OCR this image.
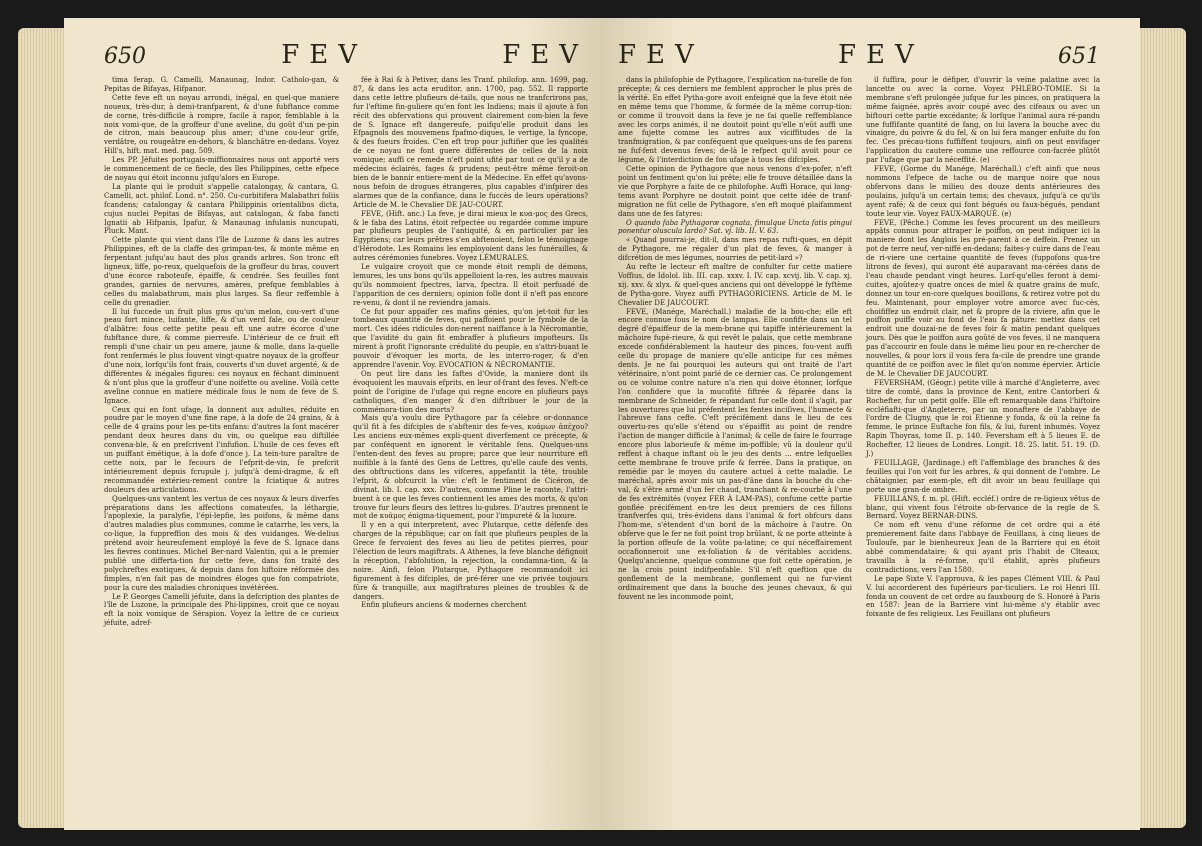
650	FEV	FEV

tima ferap. G. Camelli, Manaunag, Indor. Catholo-gan, & Pepitas de Bifayas, Hifpanor.

Cette feve eft un noyau arrondi, inégal, en quel-que maniere noueux, très-dur, à demi-tranfparent, & d'une fubftance comme de corne, très-difficile à rompre, facile à rapor, femblable à la noix vomi-que, de la groffeur d'une aveline, du goût d'un pe-pin de citron, mais beaucoup plus amer; d'une cou-leur grife, verdâtre, ou rougeâtre en-dehors, & blanchâtre en-dedans. Voyez Hill's, hift. mat. med. pag. 509.

Les PP. Jéfuites portugais-miffionnaires nous ont apporté vers le commencement de ce fiecle, des îles Philippines, cette efpece de noyau qui étoit inconnu jufqu'alors en Europe.

La plante qui le produit s'appelle catalongay, & cantara, G. Camelli, act. philof. Lond. n°. 250. Cu-curbitifera Malabathri foliis fcandens; catalongay & cantara Philippinis orientalibus dicta, cujus nuclei Pepitas de Bifayas, aut catalogan, & faba fancti Ignatii ab Hifpanis, Ipafur, & Manaunag infulanis nuncupati, Pluck. Mant.

Cette plante qui vient dans l'île de Luzone & dans les autres Philippines, eft de la claffe des grimpan-tes, & monte même en ferpentant jufqu'au haut des plus grands arbres. Son tronc eft ligneux, liffe, po-reux, quelquefois de la groffeur du bras, couvert d'une écorce raboteufe, épaiffe, & cendrée. Ses feuilles font grandes, garnies de nervures, amères, prefque femblables à celles du malabathrum, mais plus larges. Sa fleur reffemble à celle du grenadier.

Il lui fuccede un fruit plus gros qu'un melon, cou-vert d'une peau fort mince, luifante, liffe, & d'un verd fale, ou de couleur d'albâtre: fous cette petite peau eft une autre écorce d'une fubftance dure, & comme pierreufe. L'intérieur de ce fruit eft rempli d'une chair un peu amere, jaune & molle, dans la-quelle font renfermés le plus fouvent vingt-quatre noyaux de la groffeur d'une noix, lorfqu'ils font frais, couverts d'un duvet argenté, & de différentes & inégales figures: ces noyaux en féchant diminuent & n'ont plus que la groffeur d'une noifette ou aveline. Voilà cette aveline connue en matiere médicale fous le nom de feve de S. Ignace.

Ceux qui en font ufage, la donnent aux adultes, réduite en poudre par le moyen d'une fine rape, à la dofe de 24 grains, & à celle de 4 grains pour les pe-tits enfans: d'autres la font macérer pendant deux heures dans du vin, ou quelque eau diftillée convena-ble, & en prefcrivent l'infufion. L'huile de ces feves eft un puiffant émétique, à la dofe d'once j. La tein-ture paraître de cette noix, par le fecours de l'efprit-de-vin, fe prefcrit intérieurement depuis fcrupule j. jufqu'à demi-dragme, & eft recommandée extérieu-rement contre la fciatique & autres douleurs des articulations.

Quelques-uns vantent les vertus de ces noyaux & leurs diverfes préparations dans les affections comateufes, la léthargie, l'apoplexie, la paralyfie, l'épi-lepfie, les poifons, & même dans d'autres maladies plus communes, comme le catarrhe, les vers, la co-lique, la fuppreffion des mois & des vuidanges. We-delius prétend avoir heureufement employé la feve de S. Ignace dans les fievres continues. Michel Ber-nard Valentin, qui a le premier publié une differta-tion fur cette feve, dans fon traité des polychreftes exotiques, & depuis dans fon hiftoire réformée des fimples, n'en fait pas de moindres éloges que fon compatriote, pour la cure des maladies chroniques invétérées.

Le P. Georges Camelli jéfuite, dans la defcription des plantes de l'île de Luzone, la principale des Phi-lippines, croit que ce noyau eft la noix vomique de Sérapion. Voyez la lettre de ce curieux jéfuite, adref-

fée à Rai & à Petiver, dans les Tranf. philofop. ann. 1699, pag. 87, & dans les acta eruditor, ann. 1700, pag. 552. Il rapporte dans cette lettre plufieurs dé-tails, que nous ne tranfcrirons pas, fur l'eftime fin-guliere qu'en font les Indiens; mais il ajoute à fon récit des obfervations qui prouvent clairement com-bien la feve de S. Ignace eft dangereufe, puifqu'elle produit dans les Efpagnols des mouvemens fpafmo-diques, le vertige, la fyncope, & des fueurs froides. C'en eft trop pour juftifier que les qualités de ce noyau ne font guere différentes de celles de la noix vomique; auffi ce remede n'eft point ufité par tout ce qu'il y a de médecins éclairés, fages & prudens; peut-être même feroit-on bien de le bannir entiere-ment de la Médecine. En effet qu'avons-nous befoin de drogues étrangeres, plus capables d'infpirer des alarmes que de la confiance, dans le fuccès de leurs opérations? Article de M. le Chevalier DE JAU-COURT.

FEVE, (Hift. anc.) La feve, je dirai mieux le κυα-μος des Grecs, & le faba des Latins, étoit refpectée ou regardée comme impure par plufieurs peuples de l'antiquité, & en particulier par les Egyptiens; car leurs prêtres s'en abftenoient, felon le témoignage d'Hérodote. Les Romains les employoient dans les funérailles, & autres cérémonies funebres. Voyez LÉMURALES.

Le vulgaire croyoit que ce monde étoit rempli de démons, lemures, les uns bons qu'ils appelloient la-res, les autres mauvais qu'ils nommoient fpectres, larva, fpectra. Il étoit perfuadé de l'apparition de ces derniers; opinion folle dont il n'eft pas encore re-venu, & dont il ne reviendra jamais.

Ce fut pour appaifer ces mafins génies, qu'on jet-toit fur les tombeaux quantité de feves, qui paffoient pour le fymbole de la mort. Ces idées ridicules don-nerent naiffance à la Nécromantie, que l'avidité du gain fit embraffer à plufieurs impofteurs. Ils mirent à profit l'ignorante crédulité du peuple, en s'attri-buant le pouvoir d'évoquer les morts, de les interro-roger, & d'en apprendre l'avenir. Voy. EVOCATION & NÉCROMANTIE.

On peut lire dans les faftes d'Ovide, la maniere dont ils évoquoient les mauvais efprits, en leur of-frant des feves. N'eft-ce point de l'origine de l'ufage qui regne encore en plufieurs pays catholiques, d'en manger & d'en diftribuer le jour de la commémora-tion des morts?

Mais qu'a voulu dire Pythagore par fa célebre or-donnance qu'il fit à fes difciples de s'abftenir des fe-ves, κυάμων ἀπέχου? Les anciens eux-mêmes expli-quent diverfement ce précepte, & par conféquent en ignorent le véritable fens. Quelques-uns l'enten-dent des feves au propre; parce que leur nourriture eft nuifible à la fanté des Gens de Lettres, qu'elle caufe des vents, des obftructions dans les vifceres, appefantit la tête, trouble l'efprit, & obfcurcit la vûe: c'eft le fentiment de Cicéron, de divinat. lib. I. cap. xxx. D'autres, comme Pline le raconte, l'attri-buent à ce que les feves contiennent les ames des morts, & qu'on trouve fur leurs fleurs des lettres lu-gubres. D'autres prennent le mot de κυάμος énigma-tiquement, pour l'impureté & la luxure.

Il y en a qui interpretent, avec Plutarque, cette défenfe des charges de la république; car on fait que plufieurs peuples de la Grece fe fervoient des feves au lieu de petites pierres, pour l'élection de leurs magiftrats. A Athenes, la feve blanche défignoit la réception, l'abfolution, la rejection, la condamna-tion, & la noire. Ainfi, felon Plutarque, Pythagore recommandoit ici figurement à fes difciples, de pré-férer une vie privée toujours fûre & tranquille, aux magiftratures pleines de troubles & de dangers.

Enfin plufieurs anciens & modernes cherchent

FEV	FEV	651

dans la philofophie de Pythagore, l'explication na-turelle de fon précepte; & ces derniers me femblent approcher le plus près de la vérité. En effet Pytha-gore avoit enfeigné que la feve étoit née en même tems que l'homme, & formée de la même corrup-tion: or comme il trouvoit dans la feve je ne fai quelle reffemblance avec les corps animés, il ne doutoit point qu'elle n'eût auffi une ame fujette comme les autres aux viciffitudes de la tranfmigration, & par conféquent que quelques-uns de fes parens ne fuf-fent devenus feves; de-là le refpect qu'il avoit pour ce légume, & l'interdiction de fon ufage à tous fes difciples.

Cette opinion de Pythagore que nous venons d'ex-pofer, n'eft point un fentiment qu'on lui prête; elle fe trouve détaillée dans la vie que Porphyre a faite de ce philofophe. Auffi Horace, qui long-tems avant Porphyre ne doutoit point que cette idée de tranf-migration ne fût celle de Pythagore, s'en eft moqué plaifamment dans une de fes fatyres:

O quando faba Pythagoræ cognata, fimulque Uncta fatis pingui ponentur oluscula lardo? Sat. vj. lib. II. V. 63.

« Quand pourrai-je, dit-il, dans mes repas rufti-ques, en dépit de Pythagore, me régaler d'un plat de feves, & manger à difcrétion de mes légumes, nourries de petit-lard »?

Au refte le lecteur eft maître de confulter fur cette matiere Voffius, de Idolol. lib. III. cap. xxxv. I. IV. cap. xcvij. lib. V. cap. xj. xij. xxv. & xlyx. & quel-ques anciens qui ont développé le fyftème de Pytha-gore. Voyez auffi PYTHAGORICIENS. Article de M. le Chevalier DE JAUCOURT.

FEVE, (Manége, Maréchall.) maladie de la bou-che; elle eft encore connue fous le nom de lampas. Elle confifte dans un tel degré d'épaiffeur de la mem-brane qui tapiffe intérieurement la mâchoire fupé-rieure, & qui revêt le palais, que cette membrane excede confidérablement la hauteur des pinces, fou-vent auffi celle du propage de maniere qu'elle anticipe fur ces mêmes dents. Je ne fai pourquoi les auteurs qui ont traité de l'art vétérinaire, n'ont point parlé de ce dernier cas. Ce prolongement ou ce volume contre nature n'a rien qui doive étonner, lorfque l'on confidere que la mucofité fiftrée & féparée dans la membrane de Schneider, fe répandant fur celle dont il s'agit, par les ouvertures que lui préfentent les fentes inciſives, l'humecte & l'abreuve fans ceffe. C'eft précifément dans le lieu de ces ouvertu-res qu'elle s'étend ou s'épaiffit au point de rendre l'action de manger difficile à l'animal; & celle de faire le fourrage encore plus laborieufe & même im-poffible; vû la douleur qu'il reffent à chaque inftant où le jeu des dents ... entre lefquelles cette membrane fe trouve prife & ferrée. Dans la pratique, on remédie par le moyen du cautere actuel à cette maladie. Le maréchal, après avoir mis un pas-d'âne dans la bouche du che-val, & s'être armé d'un fer chaud, tranchant & re-courbé à l'une de fes extrémités (voyez FER À LAM-PAS), confume cette partie gonflée précifément en-tre les deux premiers de ces fillons tranfverfes qui, très-évidens dans l'animal & fort obfcurs dans l'hom-me, s'étendent d'un bord de la mâchoire à l'autre. On obferve que le fer ne foit point trop brûlant, & ne porte atteinte à la portion offeufe de la voûte pa-latine; ce qui néceffairement occafionneroit une ex-foliation & de véritables accidens. Quelqu'ancienne, quelque commune que foit cette opération, je ne la crois point indifpenfable. S'il n'eft queftion que du gonflement de la membrane, gonflement qui ne fur-vient ordinairement que dans la bouche des jeunes chevaux, & qui fouvent ne les incommode point,

il fuffira, pour le défiper, d'ouvrir la veine palatine avec la lancette ou avec la corne. Voyez PHLÉBO-TOMIE. Si la membrane s'eft prolongée jufque fur les pinces, on pratiquera la même faignée, après avoir coupé avec des cifeaux ou avec un biftouri cette partie excédante; & lorfque l'animal aura ré-pandu une fuffifante quantité de fang, on lui lavera la bouche avec du vinaigre, du poivre & du fel, & on lui fera manger enfuite du fon fec. Ces précau-tions fuffiffent toujours, ainfi on peut envifager l'application du cautere comme une reffource con-facrée plûtôt par l'ufage que par la néceffité. (e)

FEVE, (Gorme du Manége, Maréchall.) c'eft ainfi que nous nommons l'efpece de tache ou de marque noire que nous obfervons dans le milieu des douze dents antérieures des poulains, jufqu'à un certain tems; des chevaux, jufqu'à ce qu'ils ayent rafé; & de ceux qui font bégués ou faux-bégués, pendant toute leur vie. Voyez FAUX-MARQUÉ. (e)

FEVE, (Pêche.) Comme les feves procurent un des meilleurs appâts connus pour attraper le poiffon, on peut indiquer ici la maniere dont les Anglois les pré-parent à ce deffein. Prenez un pot de terre neuf, ver-niffé en-dedans; faites-y cuire dans de l'eau de ri-viere une certaine quantité de feves (fuppofons qua-tre litrons de feves), qui auront été auparavant ma-cérées dans de l'eau chaude pendant vingt heures. Lorf-qu'elles feront à demi-cuites, ajoûtez-y quatre onces de miel & quatre grains de mufc, donnez un tour en-core quelques bouillons, & retirez votre pot du feu. Maintenant, pour employer votre amorce avec fuc-cès, choififfez un endroit clair, net & propre de la riviere, afin que le poiffon puiffe voir au fond de l'eau fa pâture: mettez dans cet endroit une douzai-ne de feves foir & matin pendant quelques jours. Dès que le poiffon aura goûté de vos feves, il ne manquera pas d'accourir en foule dans le même lieu pour en re-chercher de nouvelles, & pour lors il vous fera fa-cile de prendre une grande quantité de ce poiffon avec le filet qu'on nomme épervier. Article de M. le Chevalier DE JAUCOURT.

FEVERSHAM, (Géogr.) petite ville à marché d'Angleterre, avec titre de comté, dans la province de Kent, entre Cantorberi & Rochefter, fur un petit golfe. Elle eft remarquable dans l'hiftoire eccléfiafti-que d'Angleterre, par un monaftere de l'abbaye de l'ordre de Clugny, que le roi Etienne y fonda, & où la reine fa femme, le prince Euftache fon fils, & lui, furent inhumés. Voyez Rapin Thoyras, tome II. p. 140. Feversham eft à 5 lieues E. de Rochefter, 12 lieues de Londres. Longit. 18. 25. latit. 51. 19. (D. J.)

FEUILLAGE, (Jardinage.) eft l'affemblage des branches & des feuilles qui l'on voit fur les arbres, & qui donnent de l'ombre. Le châtaignier, par exem-ple, eft dit avoir un beau feuillage qui porte une gran-de ombre.

FEUILLANS, f. m. pl. (Hift. eccléf.) ordre de re-ligieux vêtus de blanc, qui vivent fous l'étroite ob-fervance de la regle de S. Bernard. Voyez BERNAR-DINS.

Ce nom eft venu d'une réforme de cet ordre qui a été premierement faite dans l'abbaye de Feuillans, à cinq lieues de Touloufe, par le bienheureux Jean de la Barriere qui en étoit abbé commendataire; & qui ayant pris l'habit de Cîteaux, travailla à la ré-forme, qu'il établit, après plufieurs contradictions, vers l'an 1580.

Le pape Sixte V. l'approuva, & les papes Clément VIII. & Paul V. lui accorderent des fupérieurs par-ticuliers. Le roi Henri III. fonda un couvent de cet ordre au fauxbourg de S. Honoré à Paris en 1587: Jean de la Barriere vint lui-même s'y établir avec foixante de fes religieux. Les Feuillans ont plufieurs
